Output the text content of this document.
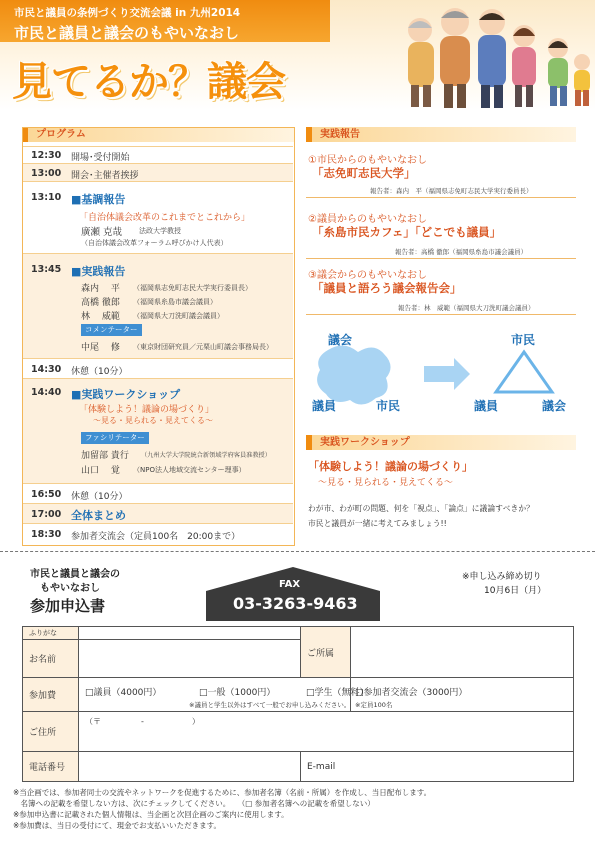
市民と議員の条例づくり交流会議 in 九州2014
市民と議員と議会のもやいなおし
見てるか？議会
プログラム
12:30 開場･受付開始
13:00 開会･主催者挨拶
13:10 ■基調報告
「自治体議会改革のこれまでとこれから」
廣瀬 克哉 法政大学教授
（自治体議会改革フォーラム呼びかけ人代表）
13:45 ■実践報告
森内　 平 （福岡県志免町志民大学実行委員長）
高橋 徹郎 （福岡県糸島市議会議員）
林　 威範 （福岡県大刀洗町議会議員）
コメンテーター
中尾　 修 （東京財団研究員／元栗山町議会事務局長）
14:30 休憩（10分）
14:40 ■実践ワークショップ
「体験しよう！議論の場づくり」
〜見る・見られる・見えてくる〜
ファシリテーター
加留部 貴行 （九州大学大学院統合新領域学府客員准教授）
山口　 覚 （NPO法人地域交流センター理事）
16:50 休憩（10分）
17:00 全体まとめ
18:30 参加者交流会（定員100名　20:00まで）
実践報告
①市民からのもやいなおし
「志免町志民大学」
報告者：森内　平（福岡県志免町志民大学実行委員長）
②議員からのもやいなおし
「糸島市民カフェ」「どこでも議員」
報告者：高橋 徹郎（福岡県糸島市議会議員）
③議会からのもやいなおし
「議員と語ろう議会報告会」
報告者：林　威範（福岡県大刀洗町議会議員）
議会
議員	市民
市民
議員	議会
実践ワークショップ
「体験しよう！議論の場づくり」
〜見る・見られる・見えてくる〜
わが市、わが町の問題、何を「視点」、「論点」に議論すべきか？
市民と議員が一緒に考えてみましょう!!
市民と議員と議会の
もやいなおし
参加申込書
FAX
03-3263-9463
※申し込み締め切り
10月6日（月）
ふりがな		ご所属	
お名前			
参加費	□議員（4000円） □一般（1000円） □学生（無料）
※議員と学生以外はすべて一般でお申し込みください。		□参加者交流会（3000円）
※定員100名

ご住所	（〒　　　　　-　　　　　　）		

電話番号		E-mail	
※当企画では、参加者同士の交流やネットワークを促進するために、参加者名簿（名前・所属）を作成し、当日配布します。
　名簿への記載を希望しない方は、次にチェックしてください。　　（□ 参加者名簿への記載を希望しない）
※参加申込書に記載された個人情報は、当企画と次回企画のご案内に使用します。
※参加費は、当日の受付にて、現金でお支払いいただきます。
